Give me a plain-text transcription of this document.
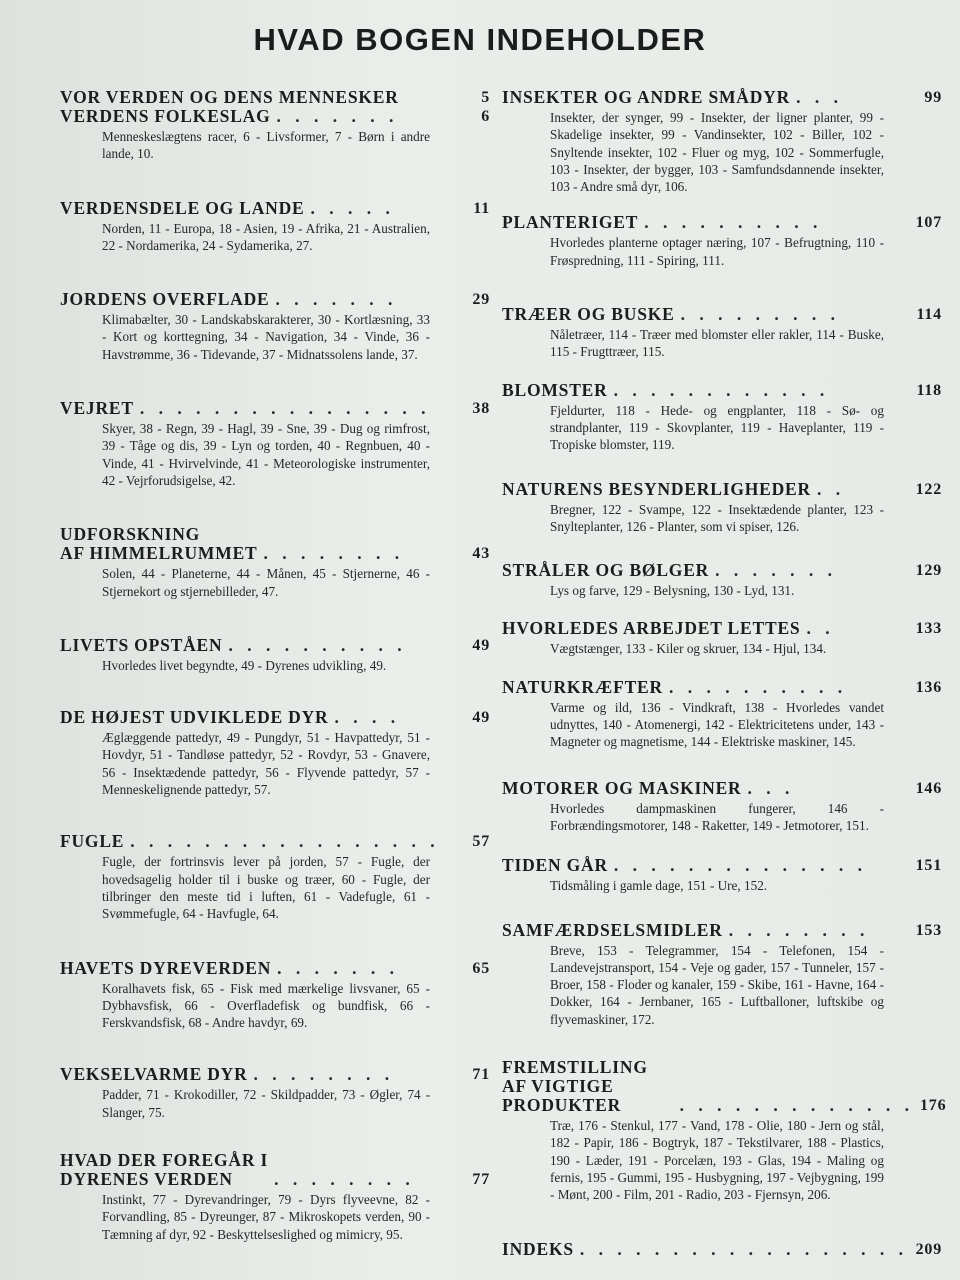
HVAD BOGEN INDEHOLDER
VOR VERDEN OG DENS MENNESKER	5
VERDENS FOLKESLAG . . . . . . .	6
Menneskeslægtens racer, 6 - Livsformer, 7 - Børn i andre lande, 10.
VERDENSDELE OG LANDE . . . . .	11
Norden, 11 - Europa, 18 - Asien, 19 - Afrika, 21 - Australien, 22 - Nordamerika, 24 - Sydamerika, 27.
JORDENS OVERFLADE . . . . . . .	29
Klimabælter, 30 - Landskabskarakterer, 30 - Kortlæsning, 33 - Kort og korttegning, 34 - Navigation, 34 - Vinde, 36 - Havstrømme, 36 - Tidevande, 37 - Midnatssolens lande, 37.
VEJRET . . . . . . . . . . . . . . . .	38
Skyer, 38 - Regn, 39 - Hagl, 39 - Sne, 39 - Dug og rimfrost, 39 - Tåge og dis, 39 - Lyn og torden, 40 - Regnbuen, 40 - Vinde, 41 - Hvirvelvinde, 41 - Meteorologiske instrumenter, 42 - Vejrforudsigelse, 42.
UDFORSKNING
AF HIMMELRUMMET . . . . . . . .	43
Solen, 44 - Planeterne, 44 - Månen, 45 - Stjernerne, 46 - Stjernekort og stjernebilleder, 47.
LIVETS OPSTÅEN . . . . . . . . . .	49
Hvorledes livet begyndte, 49 - Dyrenes udvikling, 49.
DE HØJEST UDVIKLEDE DYR . . . .	49
Æglæggende pattedyr, 49 - Pungdyr, 51 - Havpattedyr, 51 - Hovdyr, 51 - Tandløse pattedyr, 52 - Rovdyr, 53 - Gnavere, 56 - Insektædende pattedyr, 56 - Flyvende pattedyr, 57 - Menneskelignende pattedyr, 57.
FUGLE . . . . . . . . . . . . . . . . .	57
Fugle, der fortrinsvis lever på jorden, 57 - Fugle, der hovedsagelig holder til i buske og træer, 60 - Fugle, der tilbringer den meste tid i luften, 61 - Vadefugle, 61 - Svømmefugle, 64 - Havfugle, 64.
HAVETS DYREVERDEN . . . . . . .	65
Koralhavets fisk, 65 - Fisk med mærkelige livsvaner, 65 - Dybhavsfisk, 66 - Overfladefisk og bundfisk, 66 - Ferskvandsfisk, 68 - Andre havdyr, 69.
VEKSELVARME DYR . . . . . . . .	71
Padder, 71 - Krokodiller, 72 - Skildpadder, 73 - Øgler, 74 - Slanger, 75.
HVAD DER FOREGÅR I
DYRENES VERDEN	. . . . . . . .	77
Instinkt, 77 - Dyrevandringer, 79 - Dyrs flyveevne, 82 - Forvandling, 85 - Dyreunger, 87 - Mikroskopets verden, 90 - Tæmning af dyr, 92 - Beskyttelseslighed og mimicry, 95.
INSEKTER OG ANDRE SMÅDYR . . .	99
Insekter, der synger, 99 - Insekter, der ligner planter, 99 - Skadelige insekter, 99 - Vandinsekter, 102 - Biller, 102 - Snyltende insekter, 102 - Fluer og myg, 102 - Sommerfugle, 103 - Insekter, der bygger, 103 - Samfundsdannende insekter, 103 - Andre små dyr, 106.
PLANTERIGET . . . . . . . . . .	107
Hvorledes planterne optager næring, 107 - Befrugtning, 110 - Frøspredning, 111 - Spiring, 111.
TRÆER OG BUSKE . . . . . . . . .	114
Nåletræer, 114 - Træer med blomster eller rakler, 114 - Buske, 115 - Frugttræer, 115.
BLOMSTER . . . . . . . . . . . .	118
Fjeldurter, 118 - Hede- og engplanter, 118 - Sø- og strandplanter, 119 - Skovplanter, 119 - Haveplanter, 119 - Tropiske blomster, 119.
NATURENS BESYNDERLIGHEDER . .	122
Bregner, 122 - Svampe, 122 - Insektædende planter, 123 - Snylteplanter, 126 - Planter, som vi spiser, 126.
STRÅLER OG BØLGER . . . . . . .	129
Lys og farve, 129 - Belysning, 130 - Lyd, 131.
HVORLEDES ARBEJDET LETTES . .	133
Vægtstænger, 133 - Kiler og skruer, 134 - Hjul, 134.
NATURKRÆFTER . . . . . . . . . .	136
Varme og ild, 136 - Vindkraft, 138 - Hvorledes vandet udnyttes, 140 - Atomenergi, 142 - Elektricitetens under, 143 - Magneter og magnetisme, 144 - Elektriske maskiner, 145.
MOTORER OG MASKINER . . .	146
Hvorledes dampmaskinen fungerer, 146 - Forbrændingsmotorer, 148 - Raketter, 149 - Jetmotorer, 151.
TIDEN GÅR . . . . . . . . . . . . . .	151
Tidsmåling i gamle dage, 151 - Ure, 152.
SAMFÆRDSELSMIDLER . . . . . . . .	153
Breve, 153 - Telegrammer, 154 - Telefonen, 154 - Landevejstransport, 154 - Veje og gader, 157 - Tunneler, 157 - Broer, 158 - Floder og kanaler, 159 - Skibe, 161 - Havne, 164 - Dokker, 164 - Jernbaner, 165 - Luftballoner, luftskibe og flyvemaskiner, 172.
FREMSTILLING AF VIGTIGE
PRODUKTER	. . . . . . . . . . . . . 176
Træ, 176 - Stenkul, 177 - Vand, 178 - Olie, 180 - Jern og stål, 182 - Papir, 186 - Bogtryk, 187 - Tekstilvarer, 188 - Plastics, 190 - Læder, 191 - Porcelæn, 193 - Glas, 194 - Maling og fernis, 195 - Gummi, 195 - Husbygning, 197 - Vejbygning, 199 - Mønt, 200 - Film, 201 - Radio, 203 - Fjernsyn, 206.
INDEKS . . . . . . . . . . . . . . . . . . 209
